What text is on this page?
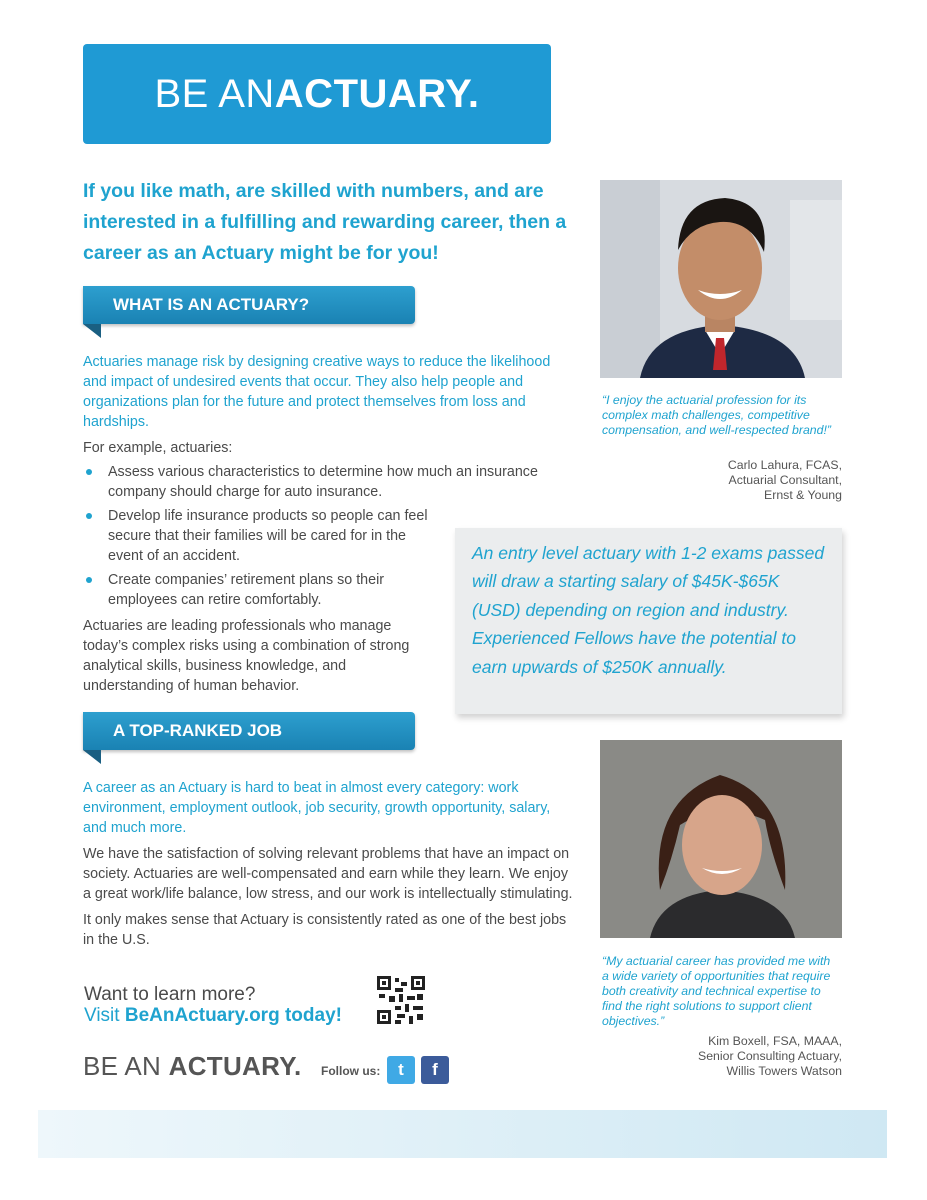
BE AN ACTUARY.
If you like math, are skilled with numbers, and are interested in a fulfilling and rewarding career, then a career as an Actuary might be for you!
WHAT IS AN ACTUARY?

Actuaries manage risk by designing creative ways to reduce the likelihood and impact of undesired events that occur. They also help people and organizations plan for the future and protect themselves from loss and hardships.

For example, actuaries:

Assess various characteristics to determine how much an insurance company should charge for auto insurance.
Develop life insurance products so people can feel secure that their families will be cared for in the event of an accident.
Create companies’ retirement plans so their employees can retire comfortably.

Actuaries are leading professionals who manage today’s complex risks using a combination of strong analytical skills, business knowledge, and understanding of human behavior.

A TOP-RANKED JOB

A career as an Actuary is hard to beat in almost every category: work environment, employment outlook, job security, growth opportunity, salary, and much more.

We have the satisfaction of solving relevant problems that have an impact on society. Actuaries are well-compensated and earn while they learn. We enjoy a great work/life balance, low stress, and our work is intellectually stimulating.

It only makes sense that Actuary is consistently rated as one of the best jobs in the U.S.

“I enjoy the actuarial profession for its complex math challenges, competitive compensation, and well-respected brand!”
Carlo Lahura, FCAS,
Actuarial Consultant,
Ernst & Young
An entry level actuary with 1-2 exams passed will draw a starting salary of $45K-$65K (USD) depending on region and industry. Experienced Fellows have the potential to earn upwards of $250K annually.
“My actuarial career has provided me with a wide variety of opportunities that require both creativity and technical expertise to find the right solutions to support client objectives.”
Kim Boxell, FSA, MAAA,
Senior Consulting Actuary,
Willis Towers Watson
Want to learn more?
Visit BeAnActuary.org today!
BE AN ACTUARY. Follow us:	t	f
